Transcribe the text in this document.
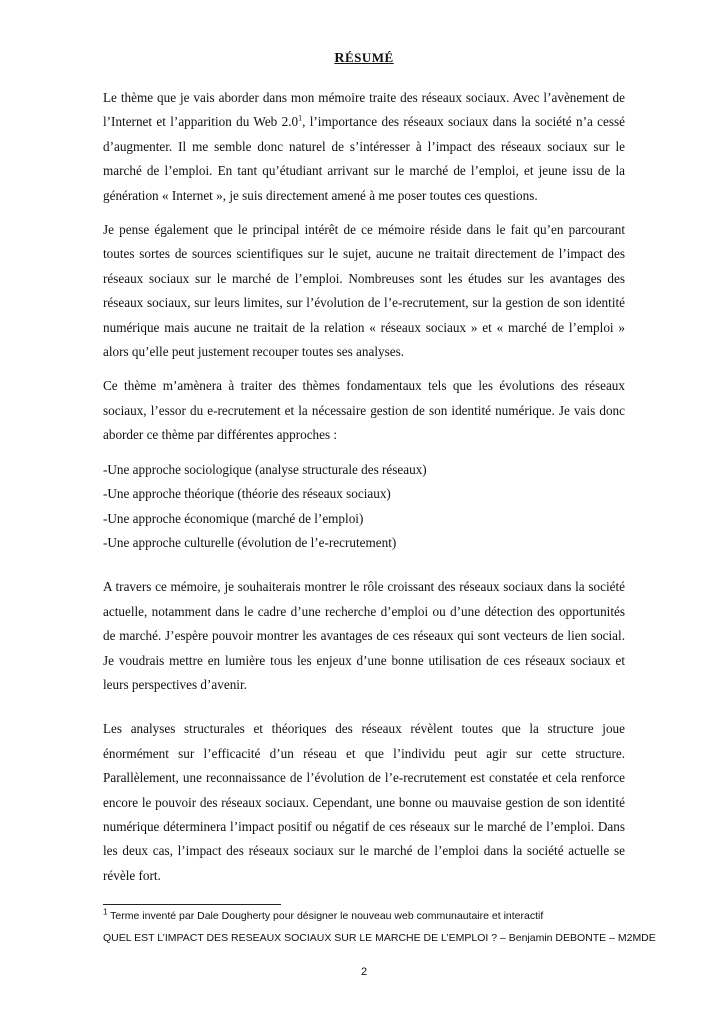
RÉSUMÉ

Le thème que je vais aborder dans mon mémoire traite des réseaux sociaux. Avec l’avènement de l’Internet et l’apparition du Web $2.0^1$, l’importance des réseaux sociaux dans la société n’a cessé d’augmenter. Il me semble donc naturel de s’intéresser à l’impact des réseaux sociaux sur le marché de l’emploi. En tant qu’étudiant arrivant sur le marché de l’emploi, et jeune issu de la génération « Internet », je suis directement amené à me poser toutes ces questions.

Je pense également que le principal intérêt de ce mémoire réside dans le fait qu’en parcourant toutes sortes de sources scientifiques sur le sujet, aucune ne traitait directement de l’impact des réseaux sociaux sur le marché de l’emploi. Nombreuses sont les études sur les avantages des réseaux sociaux, sur leurs limites, sur l’évolution de l’e-recrutement, sur la gestion de son identité numérique mais aucune ne traitait de la relation « réseaux sociaux » et « marché de l’emploi » alors qu’elle peut justement recouper toutes ses analyses.

Ce thème m’amènera à traiter des thèmes fondamentaux tels que les évolutions des réseaux sociaux, l’essor du e-recrutement et la nécessaire gestion de son identité numérique. Je vais donc aborder ce thème par différentes approches :

-Une approche sociologique (analyse structurale des réseaux)
-Une approche théorique (théorie des réseaux sociaux)
-Une approche économique (marché de l’emploi)
-Une approche culturelle (évolution de l’e-recrutement)

A travers ce mémoire, je souhaiterais montrer le rôle croissant des réseaux sociaux dans la société actuelle, notamment dans le cadre d’une recherche d’emploi ou d’une détection des opportunités de marché. J’espère pouvoir montrer les avantages de ces réseaux qui sont vecteurs de lien social. Je voudrais mettre en lumière tous les enjeux d’une bonne utilisation de ces réseaux sociaux et leurs perspectives d’avenir.

Les analyses structurales et théoriques des réseaux révèlent toutes que la structure joue énormément sur l’efficacité d’un réseau et que l’individu peut agir sur cette structure. Parallèlement, une reconnaissance de l’évolution de l’e-recrutement est constatée et cela renforce encore le pouvoir des réseaux sociaux. Cependant, une bonne ou mauvaise gestion de son identité numérique déterminera l’impact positif ou négatif de ces réseaux sur le marché de l’emploi. Dans les deux cas, l’impact des réseaux sociaux sur le marché de l’emploi dans la société actuelle se révèle fort.

$^1$ Terme inventé par Dale Dougherty pour désigner le nouveau web communautaire et interactif
QUEL EST L’IMPACT DES RESEAUX SOCIAUX SUR LE MARCHE DE L’EMPLOI ? – Benjamin DEBONTE – M2MDE
2
